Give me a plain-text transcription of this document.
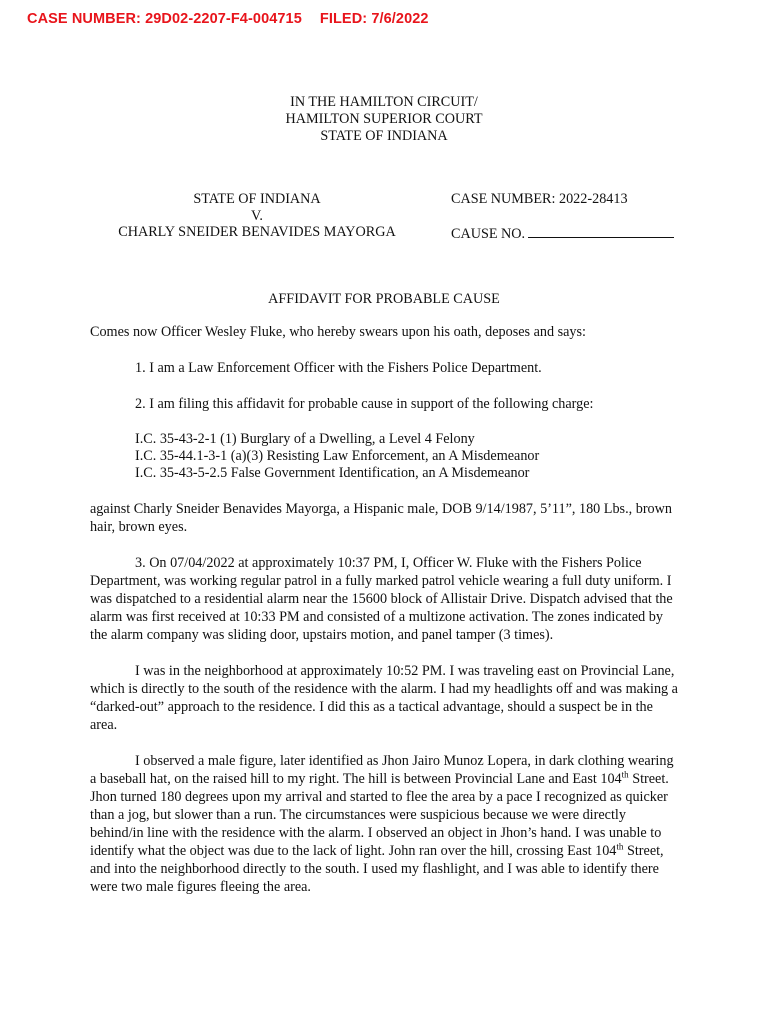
CASE NUMBER: 29D02-2207-F4-004715 FILED: 7/6/2022
IN THE HAMILTON CIRCUIT/
HAMILTON SUPERIOR COURT
STATE OF INDIANA
STATE OF INDIANA
V.
CHARLY SNEIDER BENAVIDES MAYORGA
CASE NUMBER: 2022-28413
CAUSE NO.
AFFIDAVIT FOR PROBABLE CAUSE

Comes now Officer Wesley Fluke, who hereby swears upon his oath, deposes and says:

1. I am a Law Enforcement Officer with the Fishers Police Department.

2. I am filing this affidavit for probable cause in support of the following charge:

I.C. 35-43-2-1 (1) Burglary of a Dwelling, a Level 4 Felony
I.C. 35-44.1-3-1 (a)(3) Resisting Law Enforcement, an A Misdemeanor
I.C. 35-43-5-2.5 False Government Identification, an A Misdemeanor

against Charly Sneider Benavides Mayorga, a Hispanic male, DOB 9/14/1987, 5’11”, 180 Lbs., brown hair, brown eyes.

3. On 07/04/2022 at approximately 10:37 PM, I, Officer W. Fluke with the Fishers Police Department, was working regular patrol in a fully marked patrol vehicle wearing a full duty uniform. I was dispatched to a residential alarm near the 15600 block of Allistair Drive. Dispatch advised that the alarm was first received at 10:33 PM and consisted of a multizone activation. The zones indicated by the alarm company was sliding door, upstairs motion, and panel tamper (3 times).

I was in the neighborhood at approximately 10:52 PM. I was traveling east on Provincial Lane, which is directly to the south of the residence with the alarm. I had my headlights off and was making a “darked-out” approach to the residence. I did this as a tactical advantage, should a suspect be in the area.

I observed a male figure, later identified as Jhon Jairo Munoz Lopera, in dark clothing wearing a baseball hat, on the raised hill to my right. The hill is between Provincial Lane and East 104th Street. Jhon turned 180 degrees upon my arrival and started to flee the area by a pace I recognized as quicker than a jog, but slower than a run. The circumstances were suspicious because we were directly behind/in line with the residence with the alarm. I observed an object in Jhon’s hand. I was unable to identify what the object was due to the lack of light. John ran over the hill, crossing East 104th Street, and into the neighborhood directly to the south. I used my flashlight, and I was able to identify there were two male figures fleeing the area.
